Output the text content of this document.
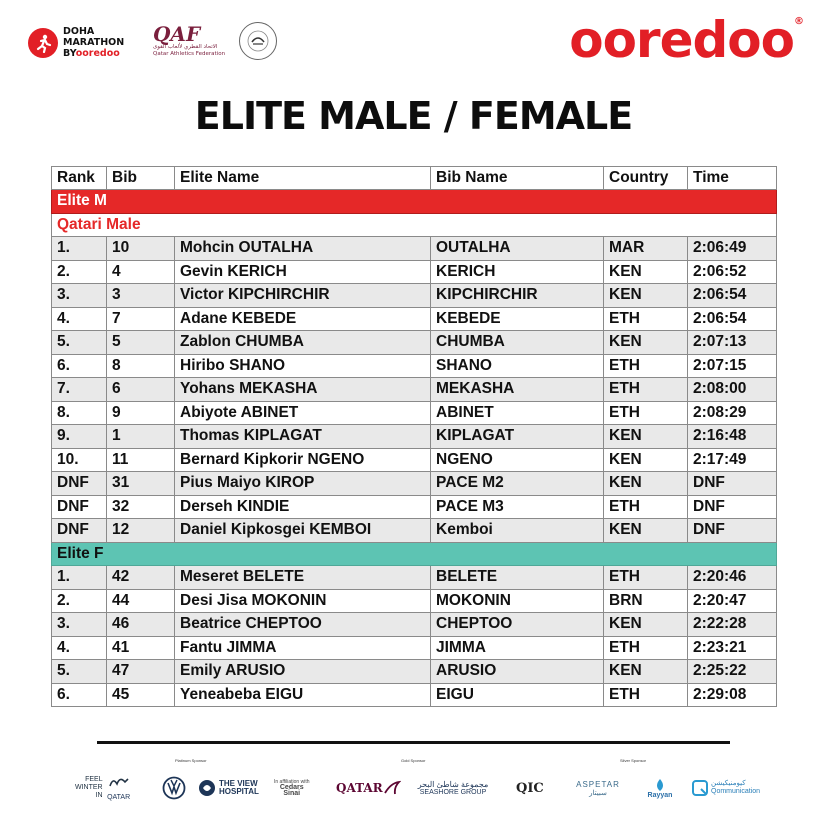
DOHA
MARATHON
BYooredoo
QAF
الاتحاد القطري لألعاب القوى
Qatar Athletics Federation	ooredoo®
ELITE MALE / FEMALE
Rank	Bib	Elite Name	Bib Name	Country	Time
Elite M					
Qatari Male					
1.	10	Mohcin OUTALHA	OUTALHA	MAR	2:06:49
2.	4	Gevin KERICH	KERICH	KEN	2:06:52
3.	3	Victor KIPCHIRCHIR	KIPCHIRCHIR	KEN	2:06:54
4.	7	Adane KEBEDE	KEBEDE	ETH	2:06:54
5.	5	Zablon CHUMBA	CHUMBA	KEN	2:07:13
6.	8	Hiribo SHANO	SHANO	ETH	2:07:15
7.	6	Yohans MEKASHA	MEKASHA	ETH	2:08:00
8.	9	Abiyote ABINET	ABINET	ETH	2:08:29
9.	1	Thomas KIPLAGAT	KIPLAGAT	KEN	2:16:48
10.	11	Bernard Kipkorir NGENO	NGENO	KEN	2:17:49
DNF	31	Pius Maiyo KIROP	PACE M2	KEN	DNF
DNF	32	Derseh KINDIE	PACE M3	ETH	DNF
DNF	12	Daniel Kipkosgei KEMBOI	Kemboi	KEN	DNF
Elite F					
1.	42	Meseret BELETE	BELETE	ETH	2:20:46
2.	44	Desi Jisa MOKONIN	MOKONIN	BRN	2:20:47
3.	46	Beatrice CHEPTOO	CHEPTOO	KEN	2:22:28
4.	41	Fantu JIMMA	JIMMA	ETH	2:23:21
5.	47	Emily ARUSIO	ARUSIO	KEN	2:25:22
6.	45	Yeneabeba EIGU	EIGU	ETH	2:29:08
Platinum Sponsor	Gold Sponsor	Silver Sponsor
FEEL
WINTER
IN QATAR
THE VIEW
HOSPITAL
In affiliation with
Cedars
Sinai	QATAR	مجموعة شاطئ البحر
SEASHORE GROUP QIC	ASPETAR
سبيتار	Rayyan
كيومنيكيشن
Qommunication
